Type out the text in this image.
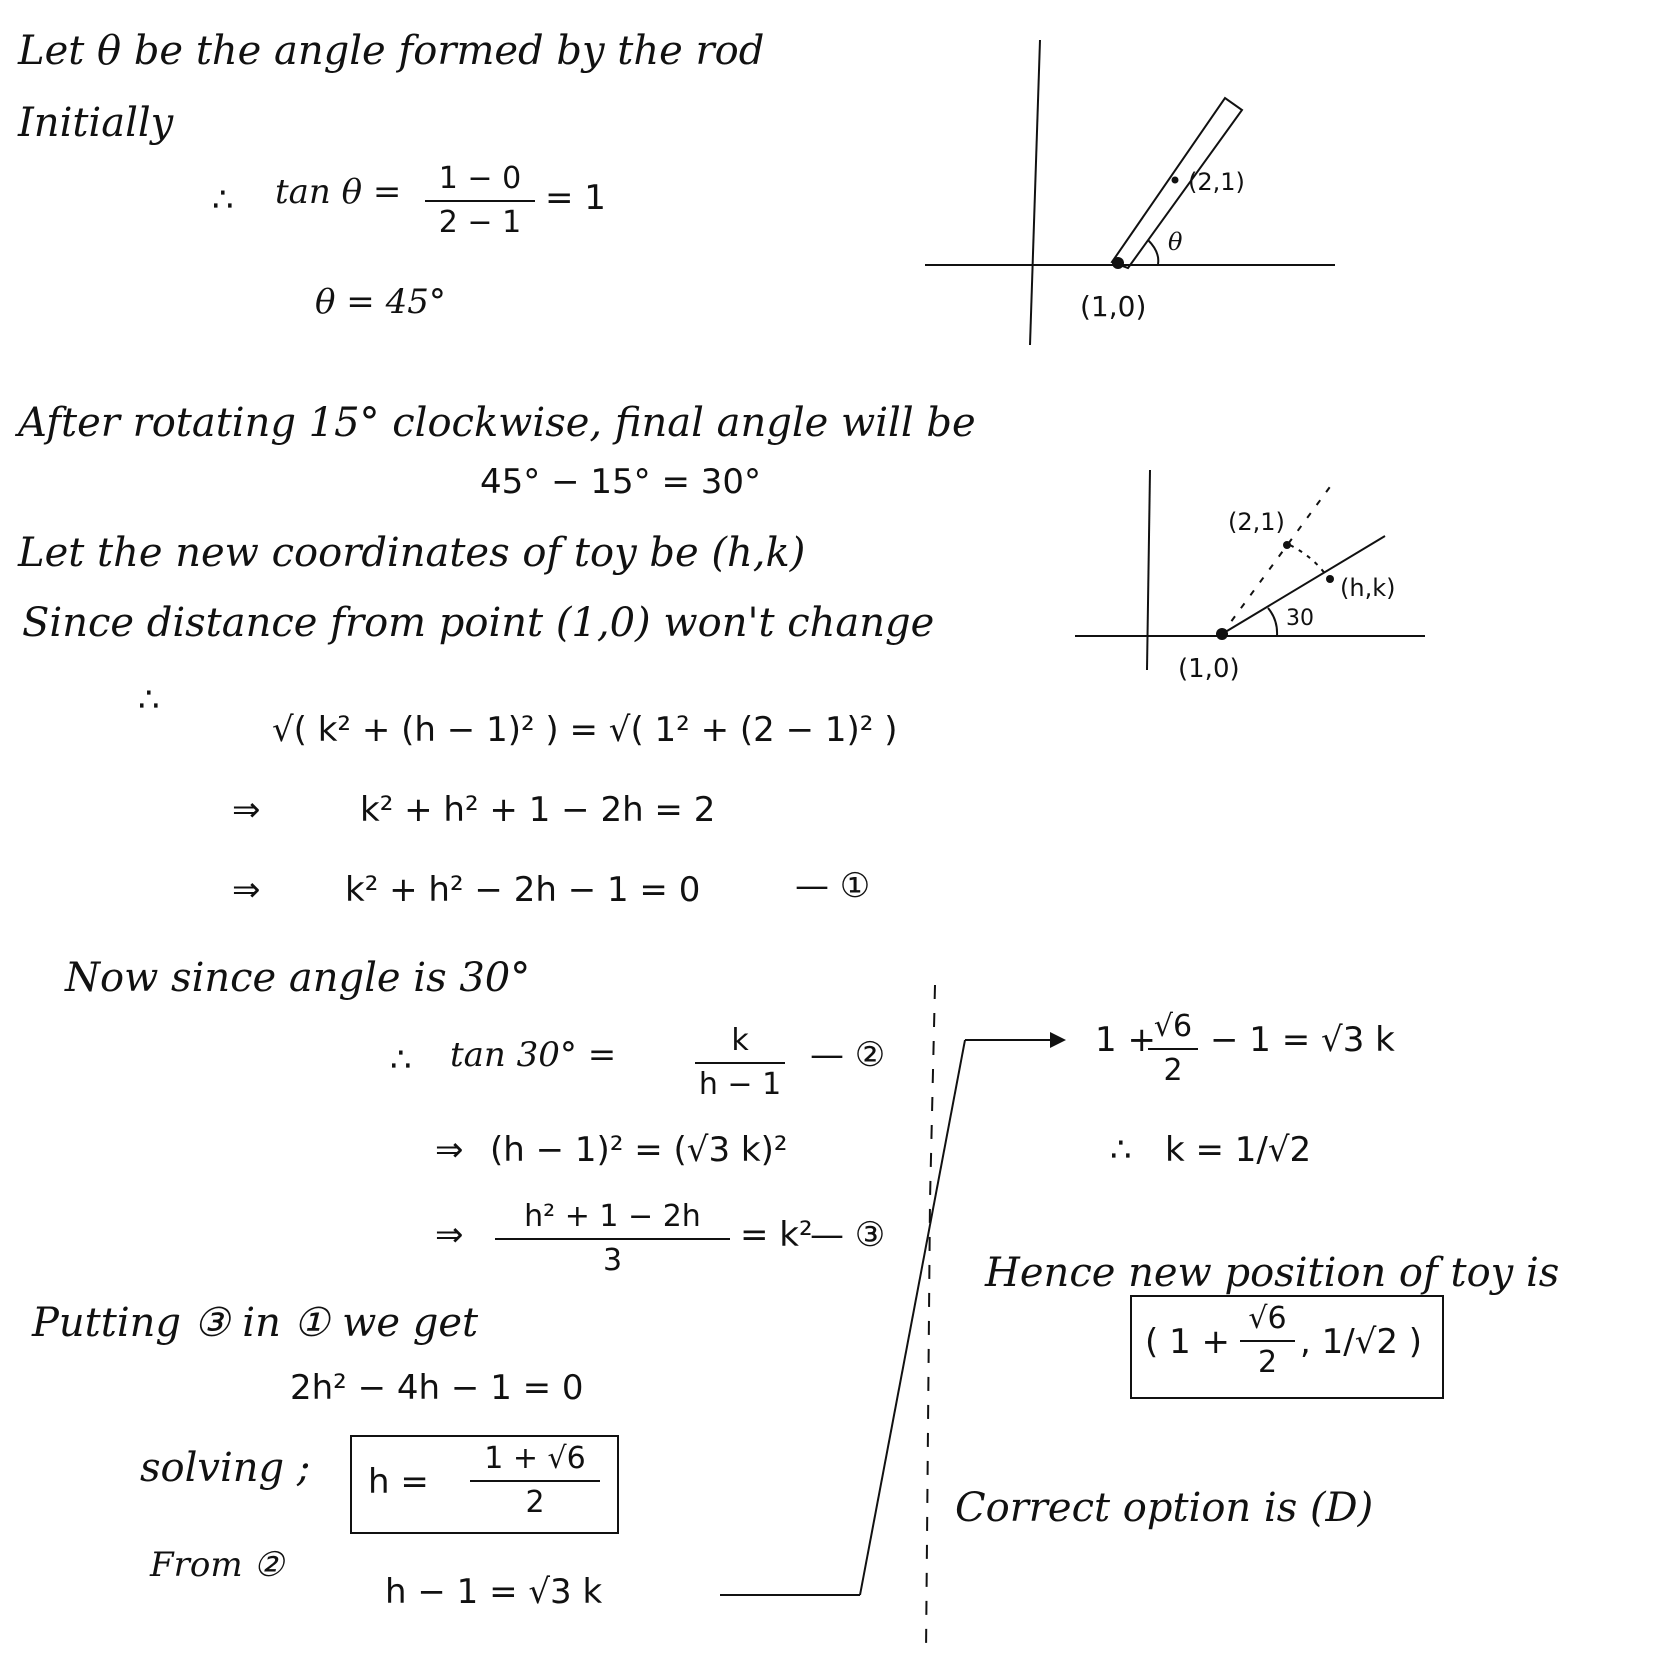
Let θ be the angle formed by the rod
Initially
∴ tan θ =	1 − 0
2 − 1
= 1
θ = 45°
(2,1)
θ
(1,0)
After rotating 15° clockwise, final angle will be
45° − 15° = 30°
Let the new coordinates of toy be (h,k)
Since distance from point (1,0) won't change
∴
√( k² + (h − 1)² ) = √( 1² + (2 − 1)² )
⇒	k² + h² + 1 − 2h = 2
⇒ k² + h² − 2h − 1 = 0	— ①
(2,1)
(h,k)
30
(1,0)
Now since angle is 30°
∴ tan 30° =	k
h − 1
— ②
⇒ (h − 1)² = (√3 k)²
⇒	h² + 1 − 2h
3
= k²
— ③
Putting ③ in ① we get
2h² − 4h − 1 = 0
solving ; h =
1 + √6
2
From ②
h − 1 = √3 k
1 +
√6
2
− 1 = √3 k
∴ k = 1/√2
Hence new position of toy is
( 1 +
√6
2
, 1/√2 )
Correct option is (D)
